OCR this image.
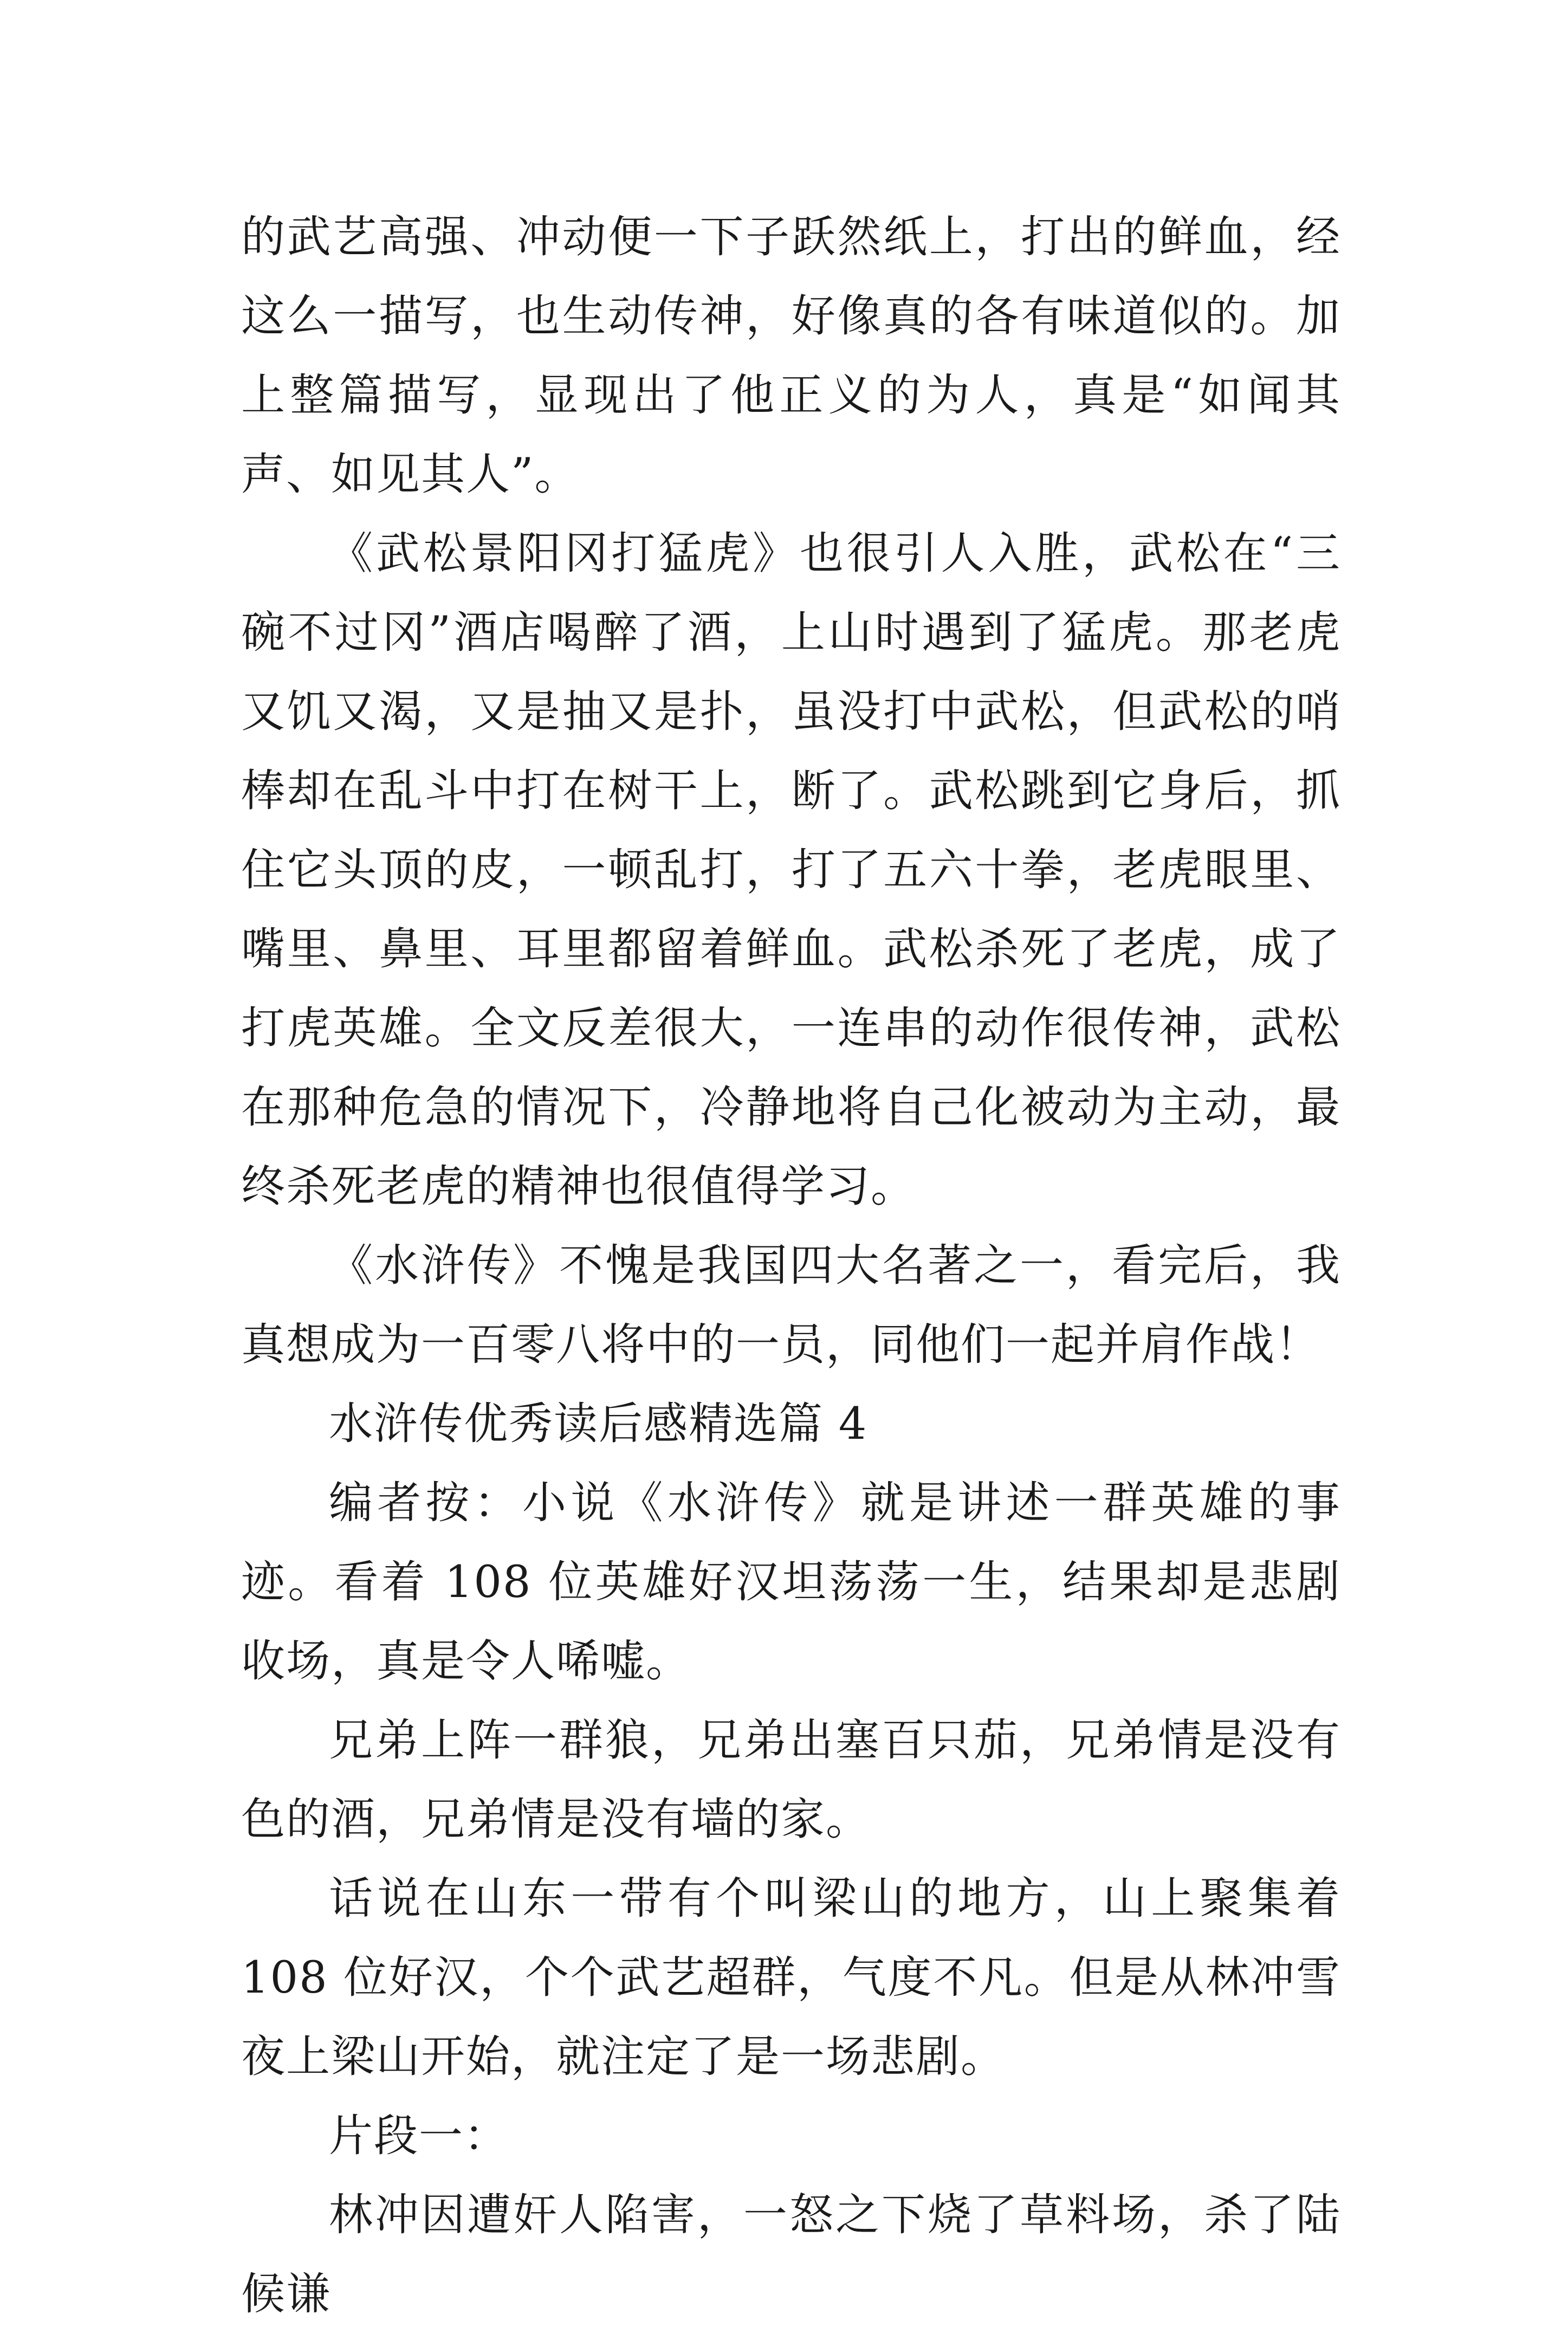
的武艺高强、冲动便一下子跃然纸上，打出的鲜血，经这么一描写，也生动传神，好像真的各有味道似的。加上整篇描写，显现出了他正义的为人，真是“如闻其声、如见其人”。

《武松景阳冈打猛虎》也很引人入胜，武松在“三碗不过冈”酒店喝醉了酒，上山时遇到了猛虎。那老虎又饥又渴，又是抽又是扑，虽没打中武松，但武松的哨棒却在乱斗中打在树干上，断了。武松跳到它身后，抓住它头顶的皮，一顿乱打，打了五六十拳，老虎眼里、嘴里、鼻里、耳里都留着鲜血。武松杀死了老虎，成了打虎英雄。全文反差很大，一连串的动作很传神，武松在那种危急的情况下，冷静地将自己化被动为主动，最终杀死老虎的精神也很值得学习。

《水浒传》不愧是我国四大名著之一，看完后，我真想成为一百零八将中的一员，同他们一起并肩作战！

水浒传优秀读后感精选篇 4

编者按：小说《水浒传》就是讲述一群英雄的事迹。看着 108 位英雄好汉坦荡荡一生，结果却是悲剧收场，真是令人唏嘘。

兄弟上阵一群狼，兄弟出塞百只茄，兄弟情是没有色的酒，兄弟情是没有墙的家。

话说在山东一带有个叫梁山的地方，山上聚集着 108 位好汉，个个武艺超群，气度不凡。但是从林冲雪夜上梁山开始，就注定了是一场悲剧。

片段一：

林冲因遭奸人陷害，一怒之下烧了草料场，杀了陆候谦
